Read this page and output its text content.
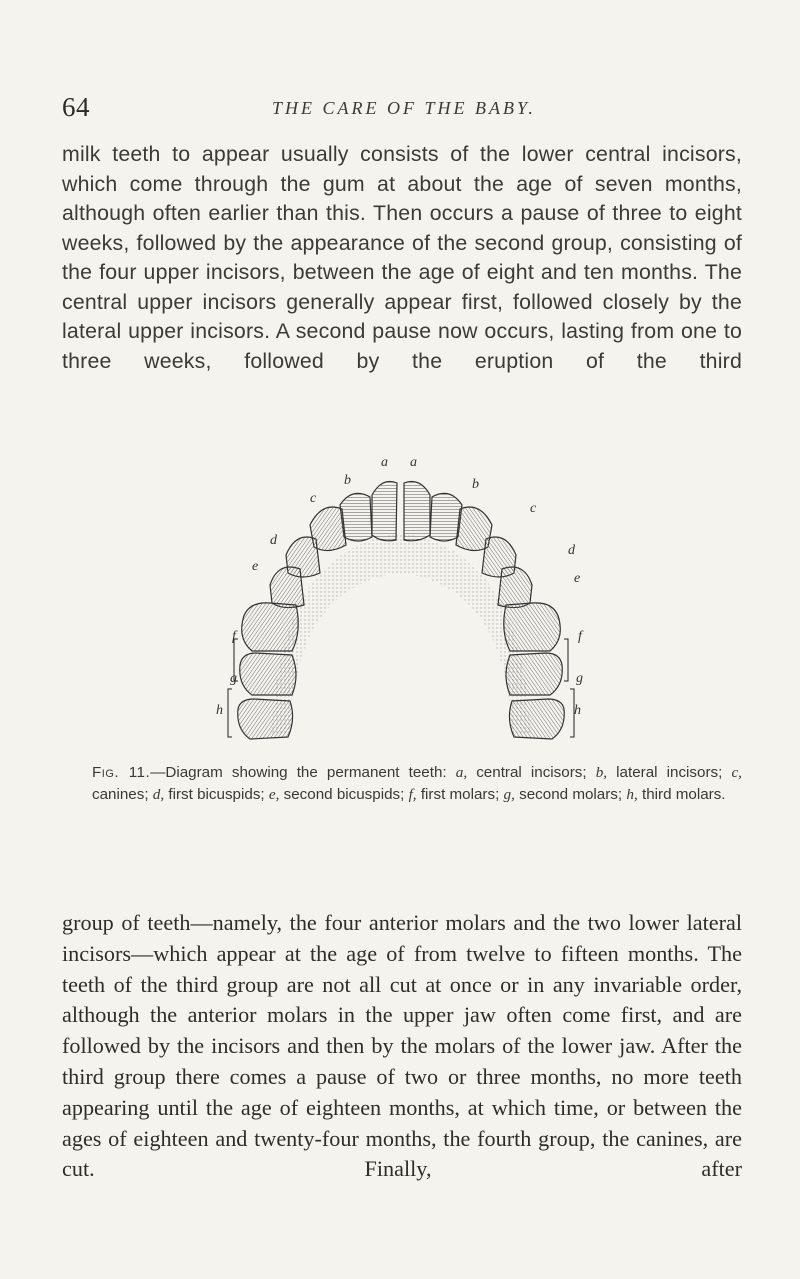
64	THE CARE OF THE BABY.

milk teeth to appear usually consists of the lower central incisors, which come through the gum at about the age of seven months, although often earlier than this. Then occurs a pause of three to eight weeks, followed by the appearance of the second group, consisting of the four upper incisors, between the age of eight and ten months. The central upper incisors generally appear first, followed closely by the lateral upper incisors. A second pause now occurs, lasting from one to three weeks, followed by the eruption of the third

a a
b	b
c
c
d
d
e
e
f	f
g	g
h	h

Fig. 11.—Diagram showing the permanent teeth: a, central incisors; b, lateral incisors; c, canines; d, first bicuspids; e, second bicuspids; f, first molars; g, second molars; h, third molars.

group of teeth—namely, the four anterior molars and the two lower lateral incisors—which appear at the age of from twelve to fifteen months. The teeth of the third group are not all cut at once or in any invariable order, although the anterior molars in the upper jaw often come first, and are followed by the incisors and then by the molars of the lower jaw. After the third group there comes a pause of two or three months, no more teeth appearing until the age of eighteen months, at which time, or between the ages of eighteen and twenty-four months, the fourth group, the canines, are cut. Finally, after
